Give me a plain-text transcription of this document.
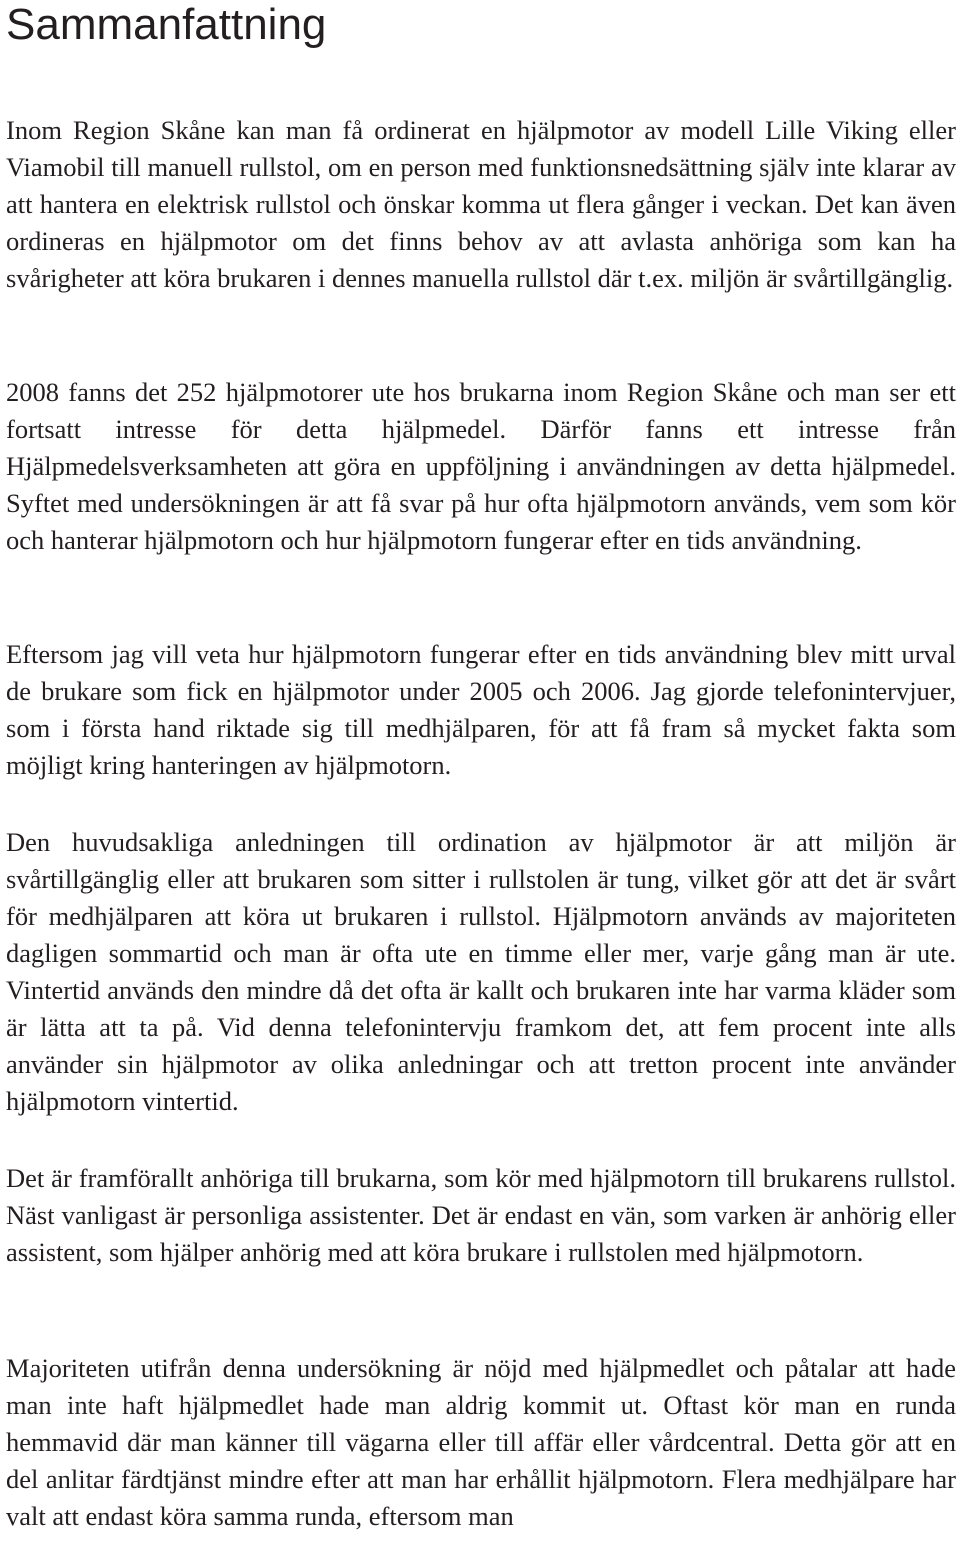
Sammanfattning

Inom Region Skåne kan man få ordinerat en hjälpmotor av modell Lille Viking eller Viamobil till manuell rullstol, om en person med funktionsnedsättning själv inte klarar av att hantera en elektrisk rullstol och önskar komma ut flera gånger i veckan. Det kan även ordineras en hjälpmotor om det finns behov av att avlasta anhöriga som kan ha svårigheter att köra brukaren i dennes manuella rullstol där t.ex. miljön är svårtillgänglig.

2008 fanns det 252 hjälpmotorer ute hos brukarna inom Region Skåne och man ser ett fortsatt intresse för detta hjälpmedel. Därför fanns ett intresse från Hjälpmedelsverksamheten att göra en uppföljning i användningen av detta hjälpmedel. Syftet med undersökningen är att få svar på hur ofta hjälpmotorn används, vem som kör och hanterar hjälpmotorn och hur hjälpmotorn fungerar efter en tids användning.

Eftersom jag vill veta hur hjälpmotorn fungerar efter en tids användning blev mitt urval de brukare som fick en hjälpmotor under 2005 och 2006. Jag gjorde telefonintervjuer, som i första hand riktade sig till medhjälparen, för att få fram så mycket fakta som möjligt kring hanteringen av hjälpmotorn.

Den huvudsakliga anledningen till ordination av hjälpmotor är att miljön är svårtillgänglig eller att brukaren som sitter i rullstolen är tung, vilket gör att det är svårt för medhjälparen att köra ut brukaren i rullstol. Hjälpmotorn används av majoriteten dagligen sommartid och man är ofta ute en timme eller mer, varje gång man är ute. Vintertid används den mindre då det ofta är kallt och brukaren inte har varma kläder som är lätta att ta på. Vid denna telefonintervju framkom det, att fem procent inte alls använder sin hjälpmotor av olika anledningar och att tretton procent inte använder hjälpmotorn vintertid.

Det är framförallt anhöriga till brukarna, som kör med hjälpmotorn till brukarens rullstol. Näst vanligast är personliga assistenter. Det är endast en vän, som varken är anhörig eller assistent, som hjälper anhörig med att köra brukare i rullstolen med hjälpmotorn.

Majoriteten utifrån denna undersökning är nöjd med hjälpmedlet och påtalar att hade man inte haft hjälpmedlet hade man aldrig kommit ut. Oftast kör man en runda hemmavid där man känner till vägarna eller till affär eller vårdcentral. Detta gör att en del anlitar färdtjänst mindre efter att man har erhållit hjälpmotorn. Flera medhjälpare har valt att endast köra samma runda, eftersom man
